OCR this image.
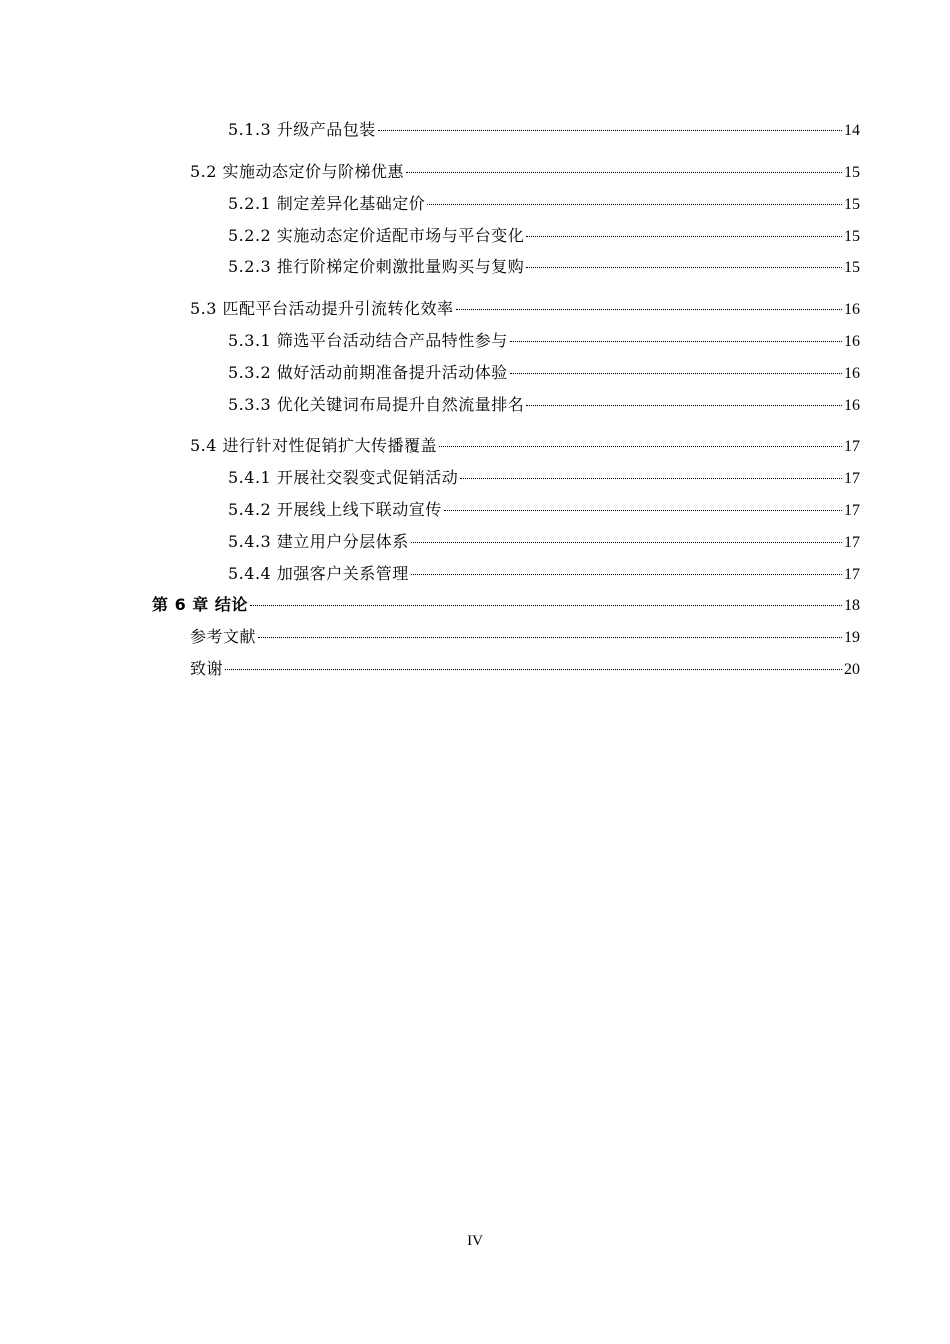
5.1.3 升级产品包装	14
5.2 实施动态定价与阶梯优惠	15
5.2.1 制定差异化基础定价	15
5.2.2 实施动态定价适配市场与平台变化	15
5.2.3 推行阶梯定价刺激批量购买与复购	15
5.3 匹配平台活动提升引流转化效率	16
5.3.1 筛选平台活动结合产品特性参与	16
5.3.2 做好活动前期准备提升活动体验	16
5.3.3 优化关键词布局提升自然流量排名	16
5.4 进行针对性促销扩大传播覆盖	17
5.4.1 开展社交裂变式促销活动	17
5.4.2 开展线上线下联动宣传	17
5.4.3 建立用户分层体系	17
5.4.4 加强客户关系管理	17
第 6 章 结论	18
参考文献	19
致谢	20
IV
